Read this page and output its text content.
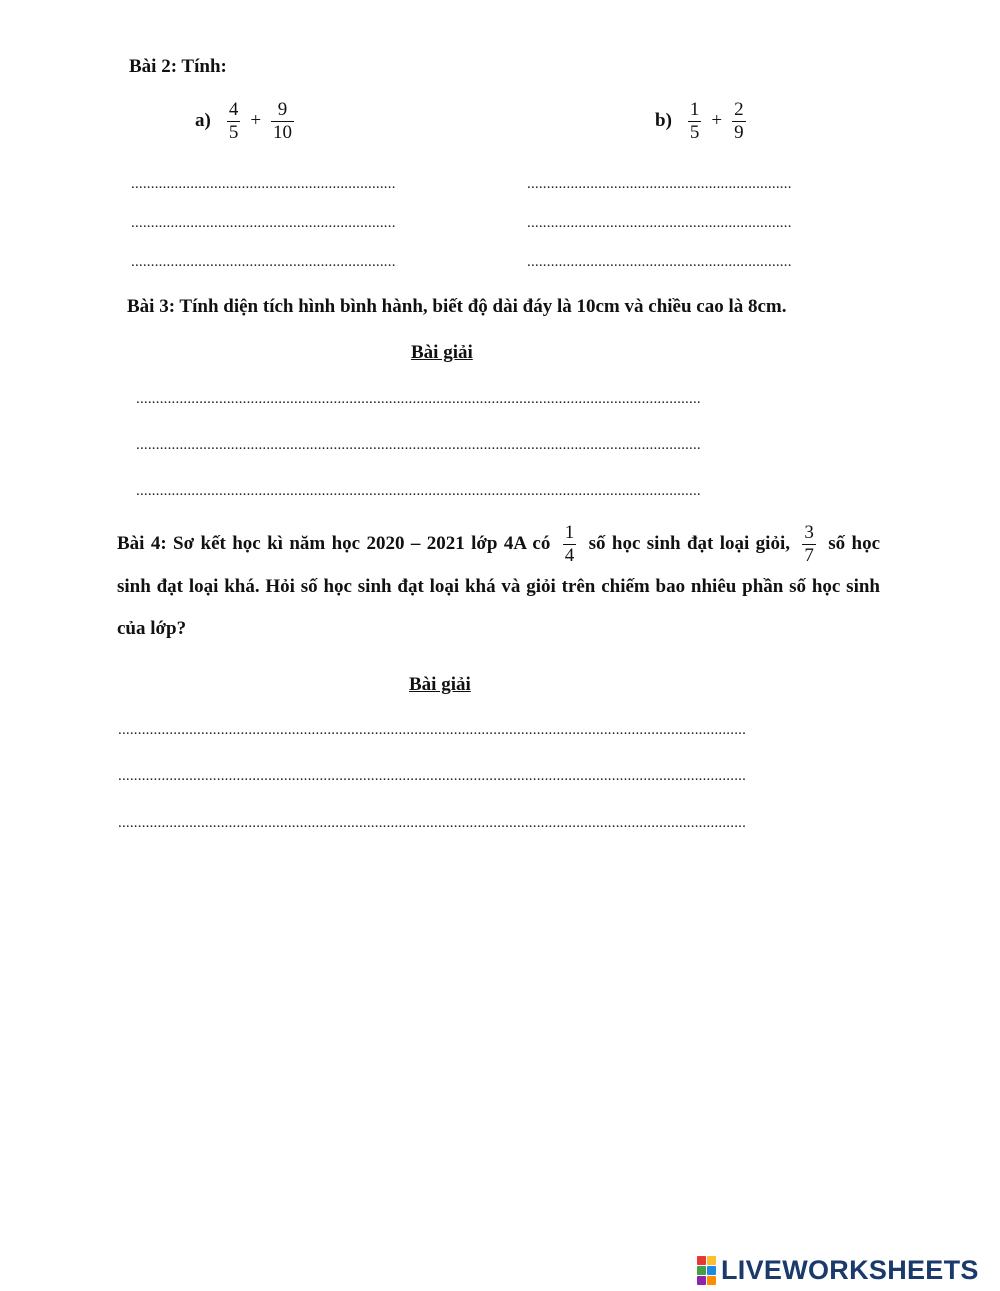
Bài 2: Tính:
$a) \frac{4}{5} + \frac{9}{10}$	$b) \frac{1}{5} + \frac{2}{9}$
...................................................................
...................................................................
...................................................................
...................................................................
...................................................................
...................................................................
Bài 3: Tính diện tích hình bình hành, biết độ dài đáy là 10cm và chiều cao là 8cm.
Bài giải
...............................................................................................................................................
...............................................................................................................................................
...............................................................................................................................................
Bài 4: Sơ kết học kì năm học 2020 – 2021 lớp 4A có $\frac{1}{4}$ số học sinh đạt loại giỏi, $\frac{3}{7}$ số học sinh đạt loại khá. Hỏi số học sinh đạt loại khá và giỏi trên chiếm bao nhiêu phần số học sinh của lớp?
Bài giải
...............................................................................................................................................................
...............................................................................................................................................................
...............................................................................................................................................................
LIVEWORKSHEETS
